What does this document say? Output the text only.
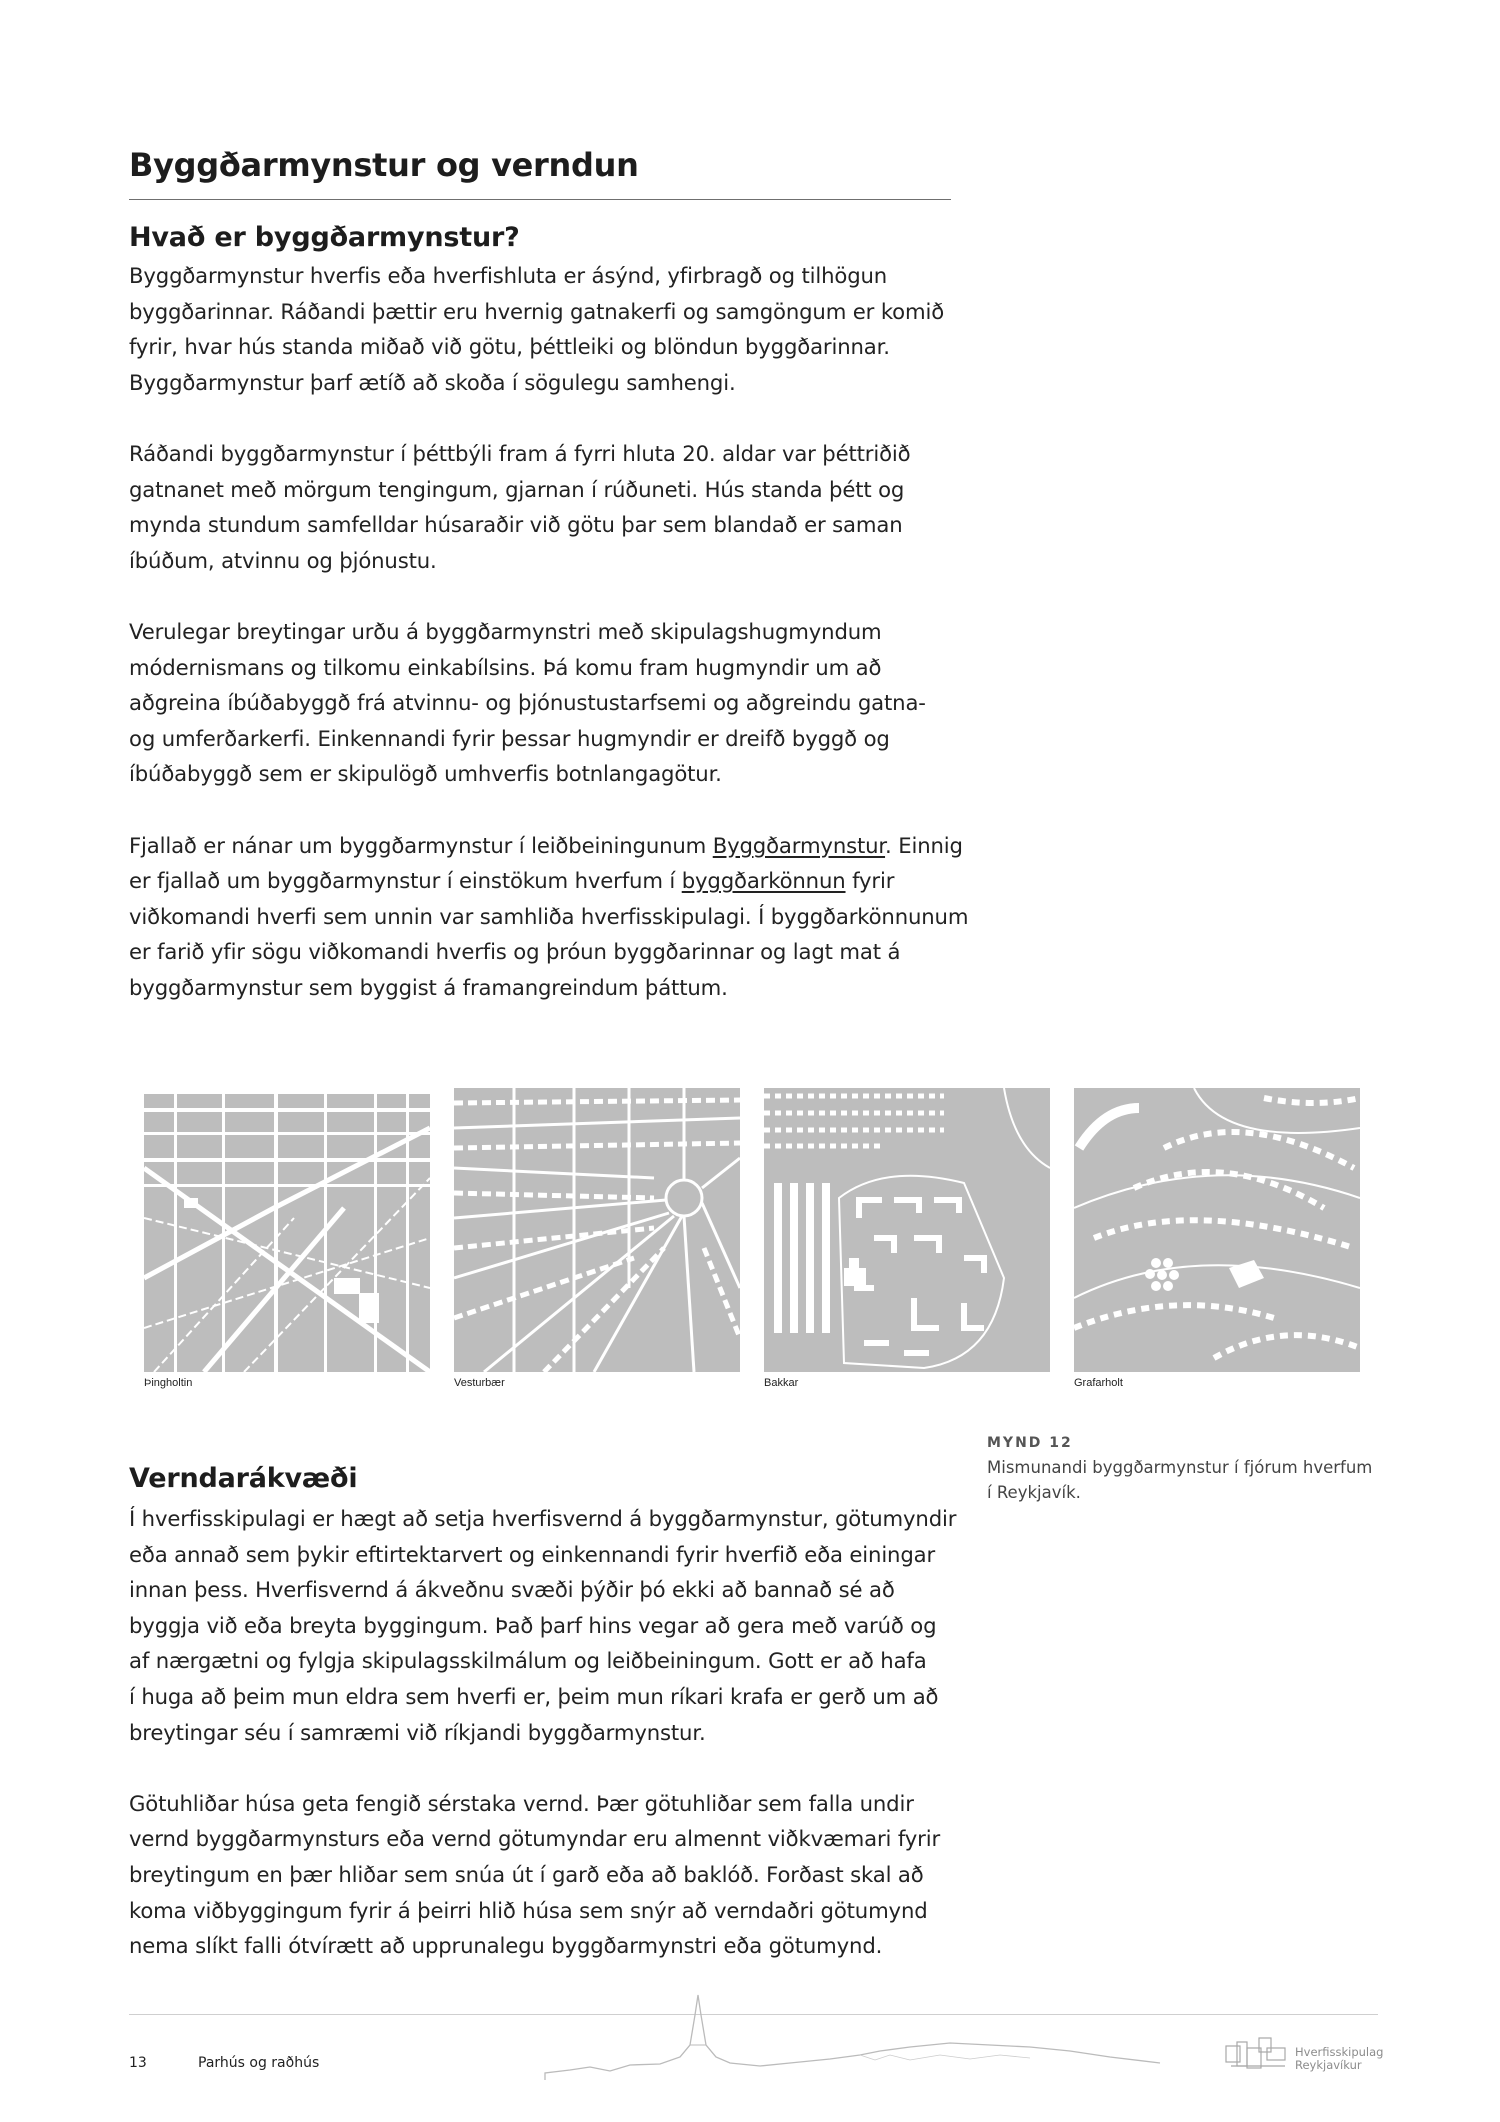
Byggðarmynstur og verndun
Hvað er byggðarmynstur?

Byggðarmynstur hverfis eða hverfishluta er ásýnd, yfirbragð og tilhögun
byggðarinnar. Ráðandi þættir eru hvernig gatnakerfi og samgöngum er komið
fyrir, hvar hús standa miðað við götu, þéttleiki og blöndun byggðarinnar.
Byggðarmynstur þarf ætíð að skoða í sögulegu samhengi.

Ráðandi byggðarmynstur í þéttbýli fram á fyrri hluta 20. aldar var þéttriðið
gatnanet með mörgum tengingum, gjarnan í rúðuneti. Hús standa þétt og
mynda stundum samfelldar húsaraðir við götu þar sem blandað er saman
íbúðum, atvinnu og þjónustu.

Verulegar breytingar urðu á byggðarmynstri með skipulagshugmyndum
módernismans og tilkomu einkabílsins. Þá komu fram hugmyndir um að
aðgreina íbúðabyggð frá atvinnu- og þjónustustarfsemi og aðgreindu gatna-
og umferðarkerfi. Einkennandi fyrir þessar hugmyndir er dreifð byggð og
íbúðabyggð sem er skipulögð umhverfis botnlangagötur.

Fjallað er nánar um byggðarmynstur í leiðbeiningunum Byggðarmynstur. Einnig
er fjallað um byggðarmynstur í einstökum hverfum í byggðarkönnun fyrir
viðkomandi hverfi sem unnin var samhliða hverfisskipulagi. Í byggðarkönnunum
er farið yfir sögu viðkomandi hverfis og þróun byggðarinnar og lagt mat á
byggðarmynstur sem byggist á framangreindum þáttum.

Þingholtin	Vesturbær	Bakkar	Grafarholt
MYND 12
Mismunandi byggðarmynstur í fjórum hverfum
í Reykjavík.
Verndarákvæði

Í hverfisskipulagi er hægt að setja hverfisvernd á byggðarmynstur, götumyndir
eða annað sem þykir eftirtektarvert og einkennandi fyrir hverfið eða einingar
innan þess. Hverfisvernd á ákveðnu svæði þýðir þó ekki að bannað sé að
byggja við eða breyta byggingum. Það þarf hins vegar að gera með varúð og
af nærgætni og fylgja skipulagsskilmálum og leiðbeiningum. Gott er að hafa
í huga að þeim mun eldra sem hverfi er, þeim mun ríkari krafa er gerð um að
breytingar séu í samræmi við ríkjandi byggðarmynstur.

Götuhliðar húsa geta fengið sérstaka vernd. Þær götuhliðar sem falla undir
vernd byggðarmynsturs eða vernd götumyndar eru almennt viðkvæmari fyrir
breytingum en þær hliðar sem snúa út í garð eða að baklóð. Forðast skal að
koma viðbyggingum fyrir á þeirri hlið húsa sem snýr að verndaðri götumynd
nema slíkt falli ótvírætt að upprunalegu byggðarmynstri eða götumynd.

13	Parhús og raðhús
Hverfisskipulag
Reykjavíkur
